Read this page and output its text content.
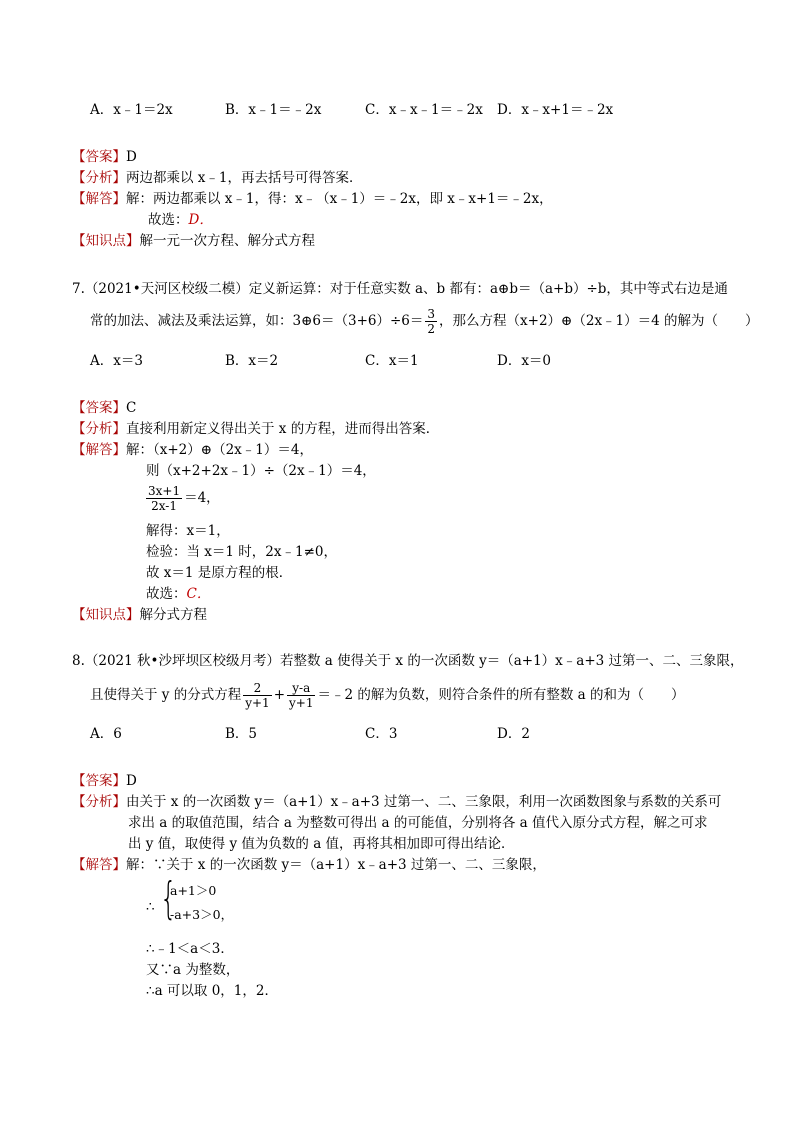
A．x﹣1＝2x	B．x﹣1＝﹣2x	C．x﹣x﹣1＝﹣2x D．x﹣x+1＝﹣2x
【答案】D
【分析】两边都乘以 x﹣1，再去括号可得答案．
【解答】解：两边都乘以 x﹣1，得：x﹣（x﹣1）＝﹣2x，即 x﹣x+1＝﹣2x，
故选：D．
【知识点】解一元一次方程、解分式方程
7.（2021•天河区校级二模）定义新运算：对于任意实数 a、b 都有：a⊕b＝（a+b）÷b，其中等式右边是通
常的加法、减法及乘法运算，如：3⊕6＝（3+6）÷6＝ $\frac{3}{2}$ ，那么方程（x+2）⊕（2x﹣1）＝4 的解为（　　）
A．x＝3	B．x＝2	C．x＝1	D．x＝0
【答案】C
【分析】直接利用新定义得出关于 x 的方程，进而得出答案．
【解答】解：（x+2）⊕（2x﹣1）＝4，
则（x+2+2x﹣1）÷（2x﹣1）＝4，
$\frac{3x+1}{2x-1} =4$，
解得：x＝1，
检验：当 x＝1 时，2x﹣1≠0，
故 x＝1 是原方程的根．
故选：C．
【知识点】解分式方程
8.（2021 秋•沙坪坝区校级月考）若整数 a 使得关于 x 的一次函数 y＝（a+1）x﹣a+3 过第一、二、三象限，
且使得关于 y 的分式方程 $\frac{2}{y+1} + \frac{y-a}{y+1}$ ＝﹣2 的解为负数，则符合条件的所有整数 a 的和为（　　）
A．6	B．5	C．3	D．2
【答案】D
【分析】由关于 x 的一次函数 y＝（a+1）x﹣a+3 过第一、二、三象限，利用一次函数图象与系数的关系可
求出 a 的取值范围，结合 a 为整数可得出 a 的可能值，分别将各 a 值代入原分式方程，解之可求
出 y 值，取使得 y 值为负数的 a 值，再将其相加即可得出结论．
【解答】解：∵关于 x 的一次函数 y＝（a+1）x﹣a+3 过第一、二、三象限，
∴ {
a+1＞0
-a+3＞0，
∴﹣1＜a＜3．
又∵a 为整数，
∴a 可以取 0，1，2．
